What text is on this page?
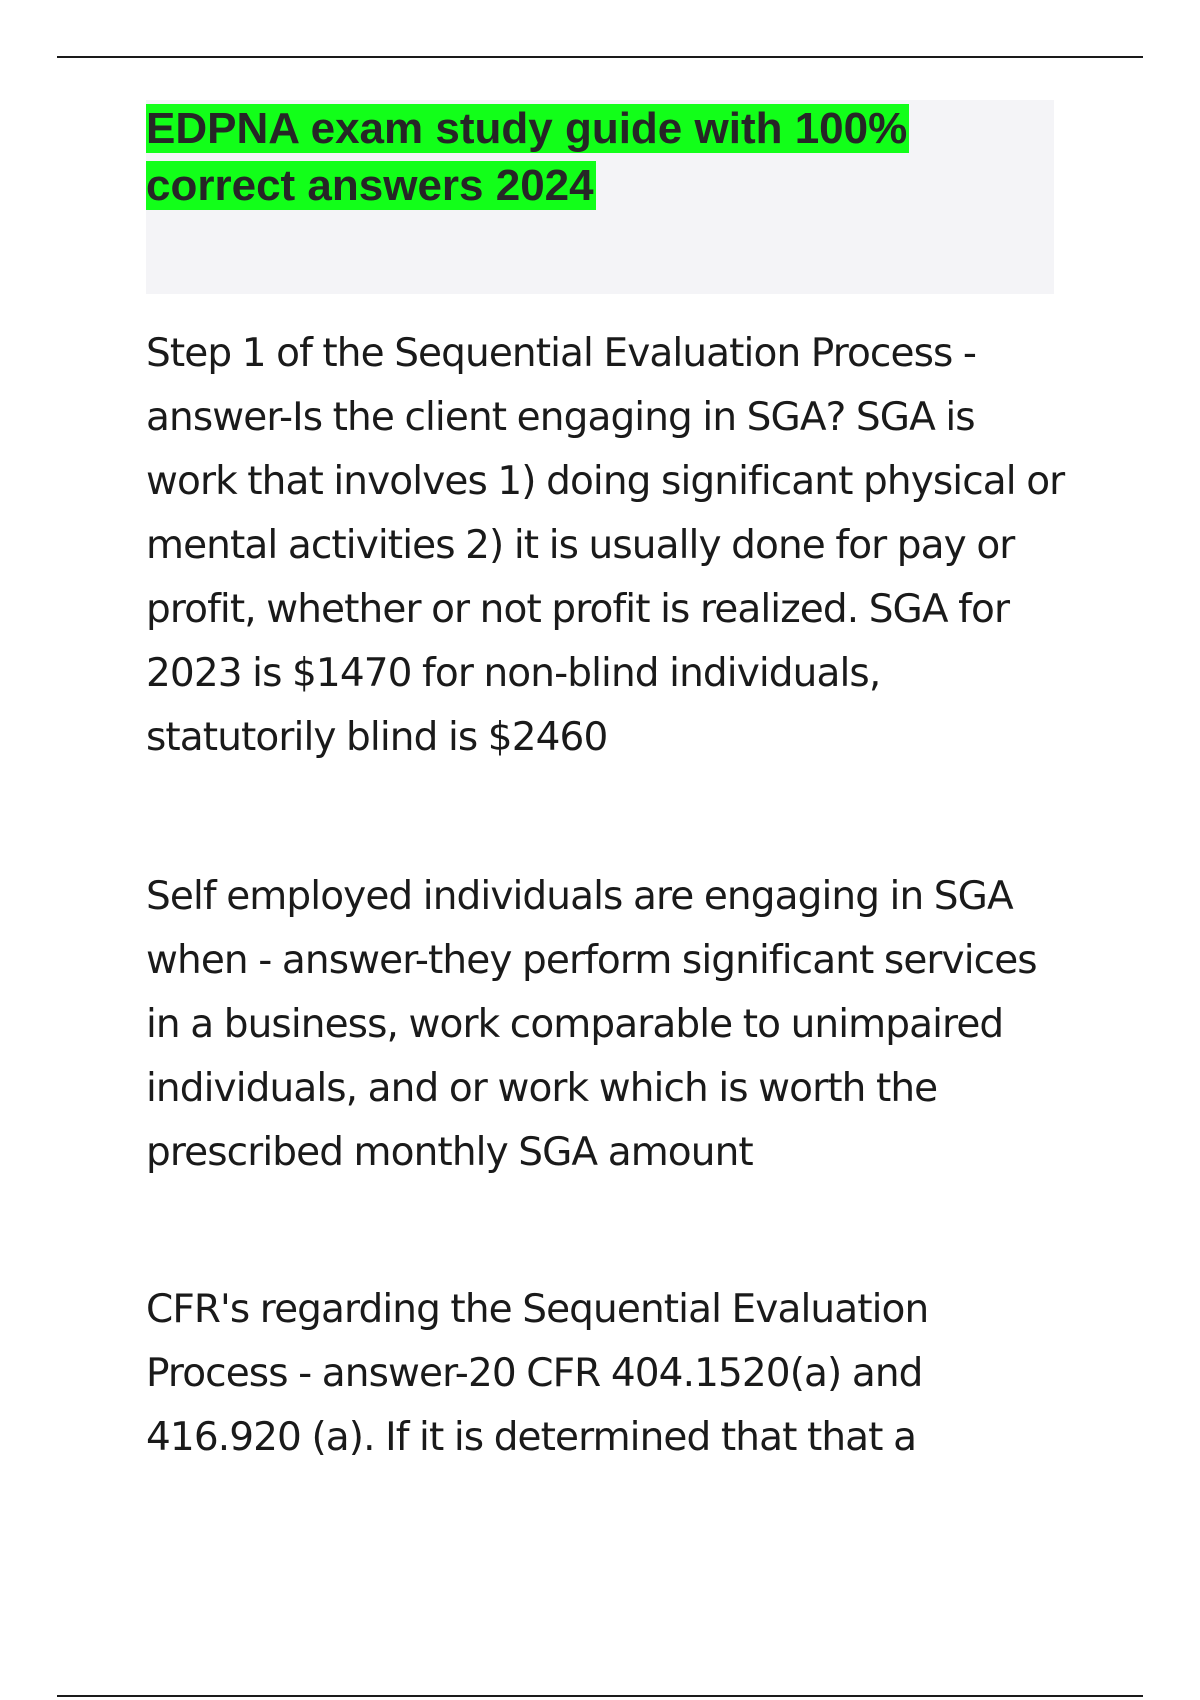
EDPNA exam study guide with 100% correct answers 2024

Step 1 of the Sequential Evaluation Process - answer-Is the client engaging in SGA? SGA is work that involves 1) doing significant physical or mental activities 2) it is usually done for pay or profit, whether or not profit is realized. SGA for 2023 is $1470 for non-blind individuals, statutorily blind is $2460

Self employed individuals are engaging in SGA when - answer-they perform significant services in a business, work comparable to unimpaired individuals, and or work which is worth the prescribed monthly SGA amount

CFR's regarding the Sequential Evaluation Process - answer-20 CFR 404.1520(a) and 416.920 (a). If it is determined that that a
